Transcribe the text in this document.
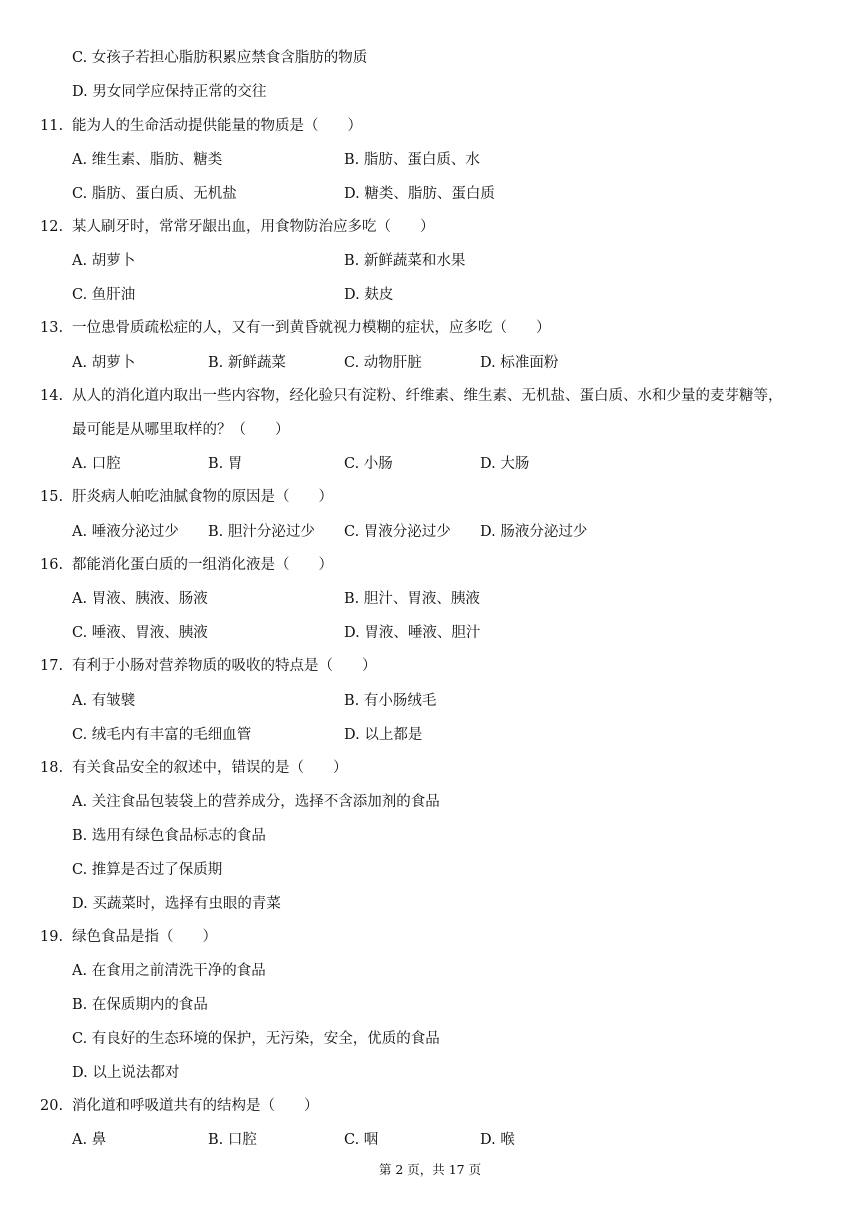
C. 女孩子若担心脂肪积累应禁食含脂肪的物质
D. 男女同学应保持正常的交往
11. 能为人的生命活动提供能量的物质是（　　）
A. 维生素、脂肪、糖类	B. 脂肪、蛋白质、水
C. 脂肪、蛋白质、无机盐	D. 糖类、脂肪、蛋白质
12. 某人刷牙时，常常牙龈出血，用食物防治应多吃（　　）
A. 胡萝卜	B. 新鲜蔬菜和水果
C. 鱼肝油	D. 麸皮
13. 一位患骨质疏松症的人，又有一到黄昏就视力模糊的症状，应多吃（　　）
A. 胡萝卜	B. 新鲜蔬菜	C. 动物肝脏	D. 标准面粉
14. 从人的消化道内取出一些内容物，经化验只有淀粉、纤维素、维生素、无机盐、蛋白质、水和少量的麦芽糖等，
最可能是从哪里取样的？（　　）
A. 口腔	B. 胃	C. 小肠	D. 大肠
15. 肝炎病人帕吃油腻食物的原因是（　　）
A. 唾液分泌过少 B. 胆汁分泌过少 C. 胃液分泌过少 D. 肠液分泌过少
16. 都能消化蛋白质的一组消化液是（　　）
A. 胃液、胰液、肠液	B. 胆汁、胃液、胰液
C. 唾液、胃液、胰液	D. 胃液、唾液、胆汁
17. 有利于小肠对营养物质的吸收的特点是（　　）
A. 有皱襞	B. 有小肠绒毛
C. 绒毛内有丰富的毛细血管	D. 以上都是
18. 有关食品安全的叙述中，错误的是（　　）
A. 关注食品包装袋上的营养成分，选择不含添加剂的食品
B. 选用有绿色食品标志的食品
C. 推算是否过了保质期
D. 买蔬菜时，选择有虫眼的青菜
19. 绿色食品是指（　　）
A. 在食用之前清洗干净的食品
B. 在保质期内的食品
C. 有良好的生态环境的保护，无污染，安全，优质的食品
D. 以上说法都对
20. 消化道和呼吸道共有的结构是（　　）
A. 鼻	B. 口腔	C. 咽	D. 喉
第 2 页，共 17 页
